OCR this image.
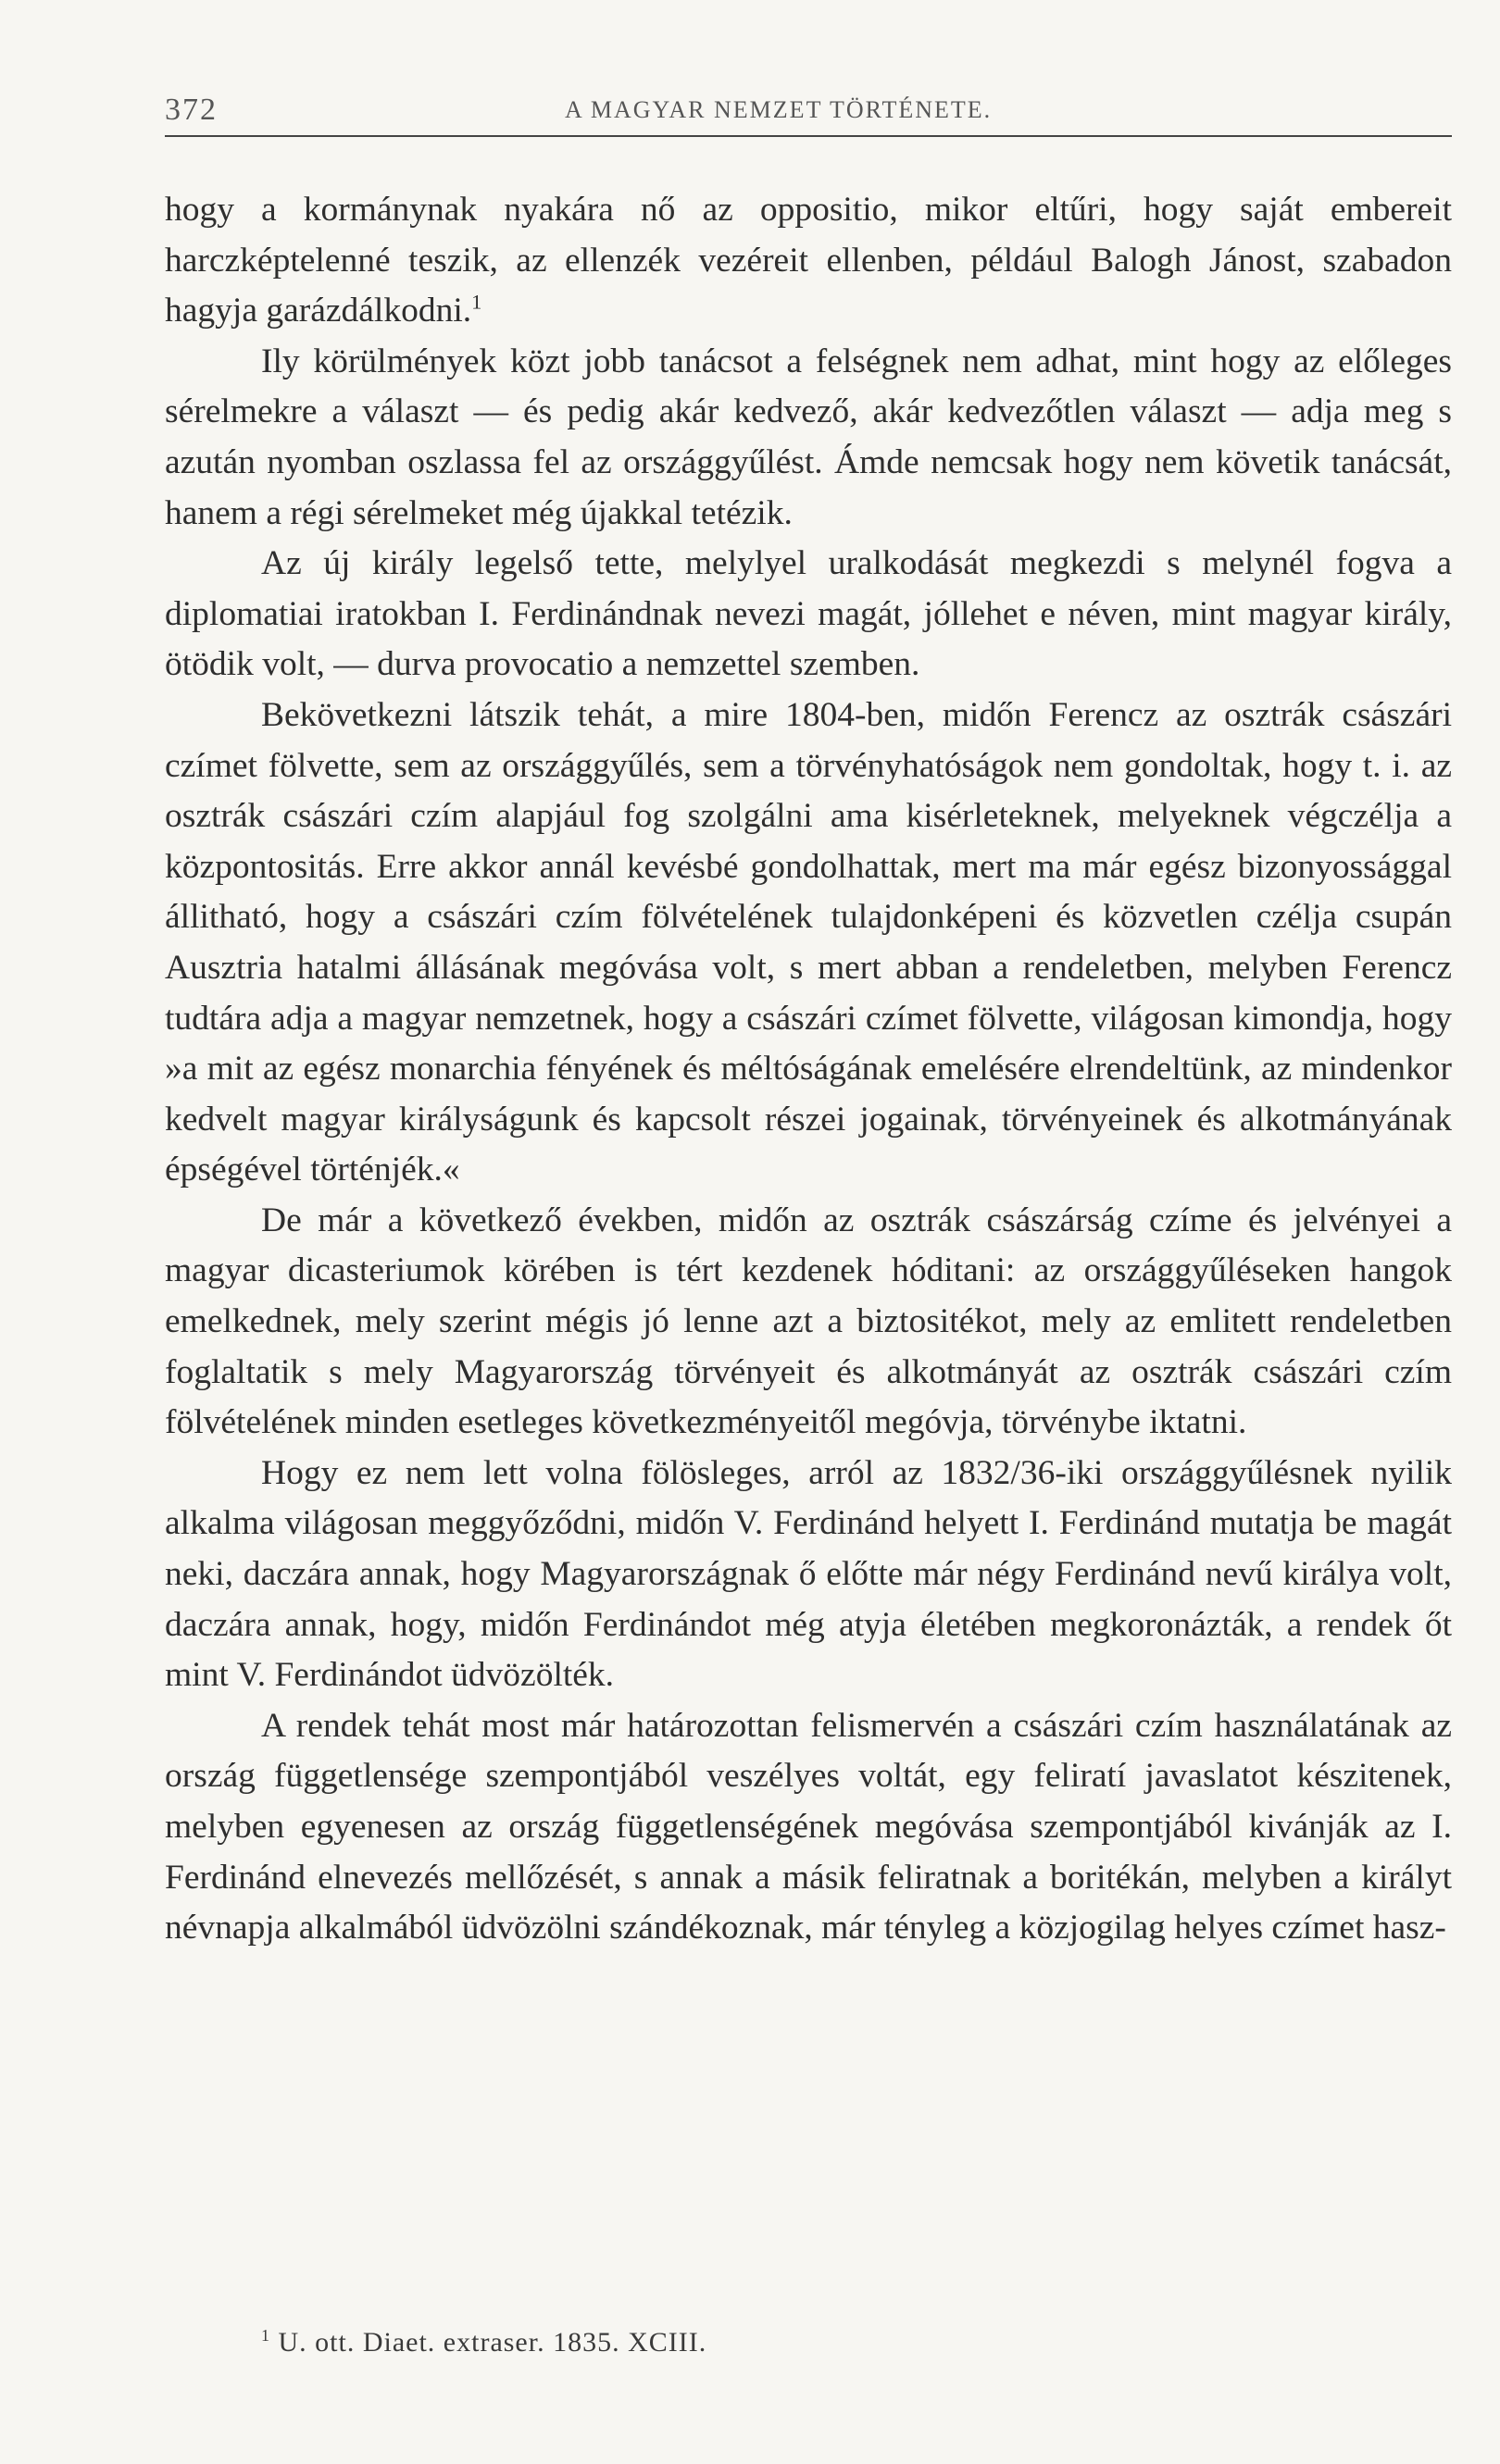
372	A MAGYAR NEMZET TÖRTÉNETE.

hogy a kormánynak nyakára nő az oppositio, mikor eltűri, hogy saját embereit harczképtelenné teszik, az ellenzék vezéreit ellenben, például Balogh Jánost, szabadon hagyja garázdálkodni.$^1$

Ily körülmények közt jobb tanácsot a felségnek nem adhat, mint hogy az előleges sérelmekre a választ — és pedig akár kedvező, akár kedvezőtlen választ — adja meg s azután nyomban oszlassa fel az országgyűlést. Ámde nemcsak hogy nem követik tanácsát, hanem a régi sérelmeket még újakkal tetézik.

Az új király legelső tette, melylyel uralkodását megkezdi s melynél fogva a diplomatiai iratokban I. Ferdinándnak nevezi magát, jóllehet e néven, mint magyar király, ötödik volt, — durva provocatio a nemzettel szemben.

Bekövetkezni látszik tehát, a mire 1804-ben, midőn Ferencz az osztrák császári czímet fölvette, sem az országgyűlés, sem a törvényhatóságok nem gondoltak, hogy t. i. az osztrák császári czím alapjául fog szolgálni ama kisérleteknek, melyeknek végczélja a központositás. Erre akkor annál kevésbé gondolhattak, mert ma már egész bizonyossággal állitható, hogy a császári czím fölvételének tulajdonképeni és közvetlen czélja csupán Ausztria hatalmi állásának megóvása volt, s mert abban a rendeletben, melyben Ferencz tudtára adja a magyar nemzetnek, hogy a császári czímet fölvette, világosan kimondja, hogy »a mit az egész monarchia fényének és méltóságának emelésére elrendeltünk, az mindenkor kedvelt magyar királyságunk és kapcsolt részei jogainak, törvényeinek és alkotmányának épségével történjék.«

De már a következő években, midőn az osztrák császárság czíme és jelvényei a magyar dicasteriumok körében is tért kezdenek hóditani: az országgyűléseken hangok emelkednek, mely szerint mégis jó lenne azt a biztositékot, mely az emlitett rendeletben foglaltatik s mely Magyarország törvényeit és alkotmányát az osztrák császári czím fölvételének minden esetleges következményeitől megóvja, törvénybe iktatni.

Hogy ez nem lett volna fölösleges, arról az 1832/36-iki országgyűlésnek nyilik alkalma világosan meggyőződni, midőn V. Ferdinánd helyett I. Ferdinánd mutatja be magát neki, daczára annak, hogy Magyarországnak ő előtte már négy Ferdinánd nevű királya volt, daczára annak, hogy, midőn Ferdinándot még atyja életében megkoronázták, a rendek őt mint V. Ferdinándot üdvözölték.

A rendek tehát most már határozottan felismervén a császári czím használatának az ország függetlensége szempontjából veszélyes voltát, egy feliratí javaslatot készitenek, melyben egyenesen az ország függetlenségének megóvása szempontjából kivánják az I. Ferdinánd elnevezés mellőzését, s annak a másik feliratnak a boritékán, melyben a királyt névnapja alkalmából üdvözölni szándékoznak, már tényleg a közjogilag helyes czímet hasz-

$^1$ U. ott. Diaet. extraser. 1835. XCIII.
